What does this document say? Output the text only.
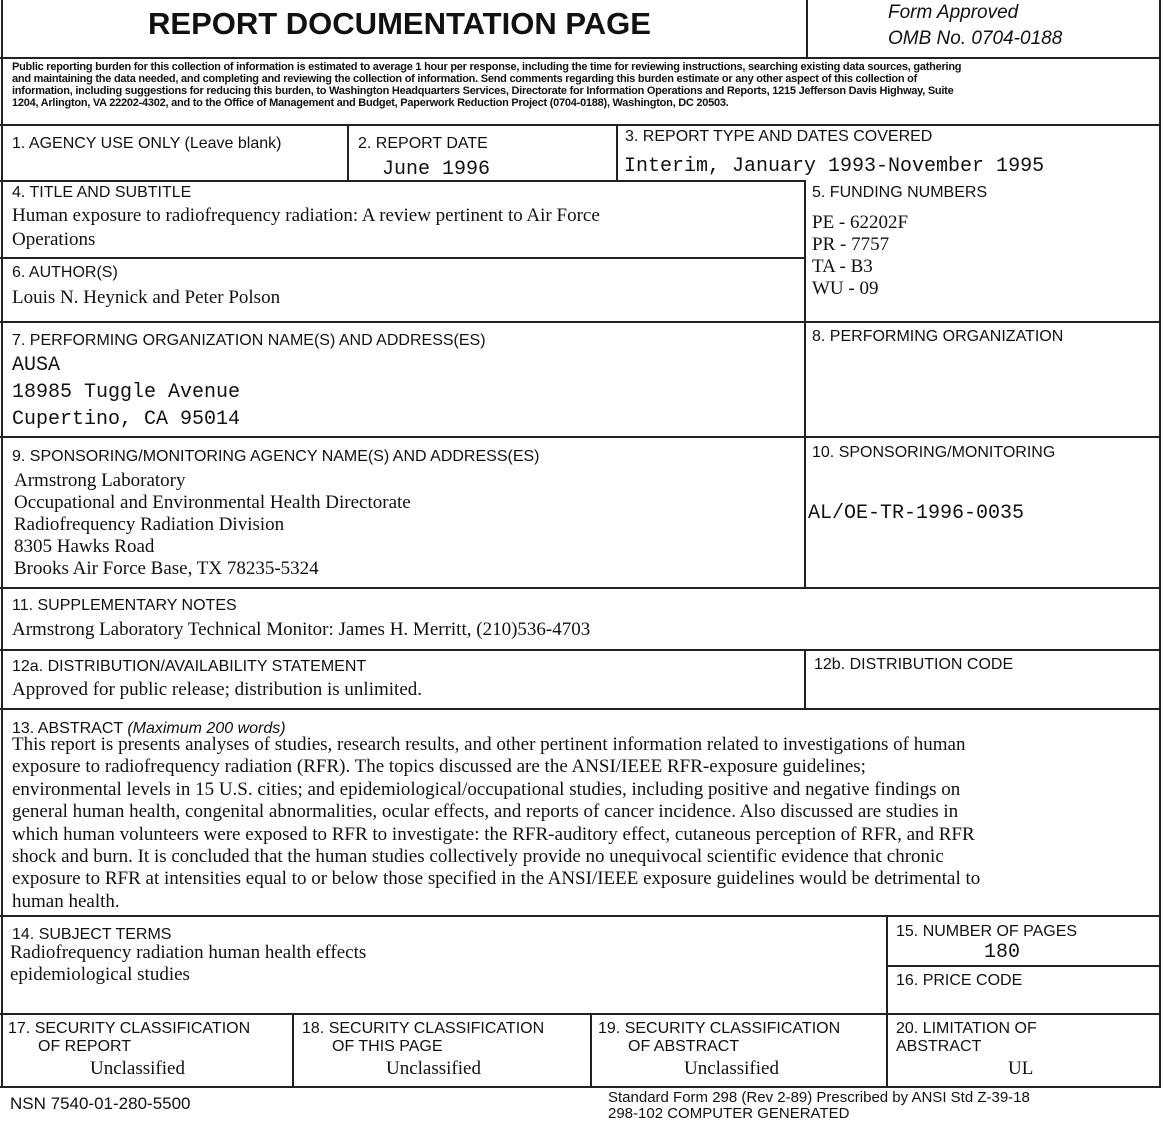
REPORT DOCUMENTATION PAGE	Form Approved
OMB No. 0704-0188
Public reporting burden for this collection of information is estimated to average 1 hour per response, including the time for reviewing instructions, searching existing data sources, gathering
and maintaining the data needed, and completing and reviewing the collection of information. Send comments regarding this burden estimate or any other aspect of this collection of
information, including suggestions for reducing this burden, to Washington Headquarters Services, Directorate for Information Operations and Reports, 1215 Jefferson Davis Highway, Suite
1204, Arlington, VA 22202-4302, and to the Office of Management and Budget, Paperwork Reduction Project (0704-0188), Washington, DC 20503.
1. AGENCY USE ONLY (Leave blank)	2. REPORT DATE
June 1996
3. REPORT TYPE AND DATES COVERED
Interim, January 1993-November 1995
4. TITLE AND SUBTITLE
Human exposure to radiofrequency radiation: A review pertinent to Air Force
Operations
5. FUNDING NUMBERS
PE - 62202F
PR - 7757
TA - B3
WU - 09
6. AUTHOR(S)
Louis N. Heynick and Peter Polson
7. PERFORMING ORGANIZATION NAME(S) AND ADDRESS(ES)
AUSA
18985 Tuggle Avenue
Cupertino, CA 95014
8. PERFORMING ORGANIZATION
9. SPONSORING/MONITORING AGENCY NAME(S) AND ADDRESS(ES)
Armstrong Laboratory
Occupational and Environmental Health Directorate
Radiofrequency Radiation Division
8305 Hawks Road
Brooks Air Force Base, TX 78235-5324
10. SPONSORING/MONITORING
AL/OE-TR-1996-0035
11. SUPPLEMENTARY NOTES
Armstrong Laboratory Technical Monitor: James H. Merritt, (210)536-4703
12a. DISTRIBUTION/AVAILABILITY STATEMENT
Approved for public release; distribution is unlimited.
12b. DISTRIBUTION CODE
13. ABSTRACT (Maximum 200 words)
This report is presents analyses of studies, research results, and other pertinent information related to investigations of human
exposure to radiofrequency radiation (RFR). The topics discussed are the ANSI/IEEE RFR-exposure guidelines;
environmental levels in 15 U.S. cities; and epidemiological/occupational studies, including positive and negative findings on
general human health, congenital abnormalities, ocular effects, and reports of cancer incidence. Also discussed are studies in
which human volunteers were exposed to RFR to investigate: the RFR-auditory effect, cutaneous perception of RFR, and RFR
shock and burn. It is concluded that the human studies collectively provide no unequivocal scientific evidence that chronic
exposure to RFR at intensities equal to or below those specified in the ANSI/IEEE exposure guidelines would be detrimental to
human health.
14. SUBJECT TERMS
Radiofrequency radiation human health effects
epidemiological studies
15. NUMBER OF PAGES
180
16. PRICE CODE
17. SECURITY CLASSIFICATION
OF REPORT
Unclassified
18. SECURITY CLASSIFICATION
OF THIS PAGE
Unclassified
19. SECURITY CLASSIFICATION
OF ABSTRACT
Unclassified
20. LIMITATION OF
ABSTRACT
UL
NSN 7540-01-280-5500	Standard Form 298 (Rev 2-89) Prescribed by ANSI Std Z-39-18
298-102 COMPUTER GENERATED
